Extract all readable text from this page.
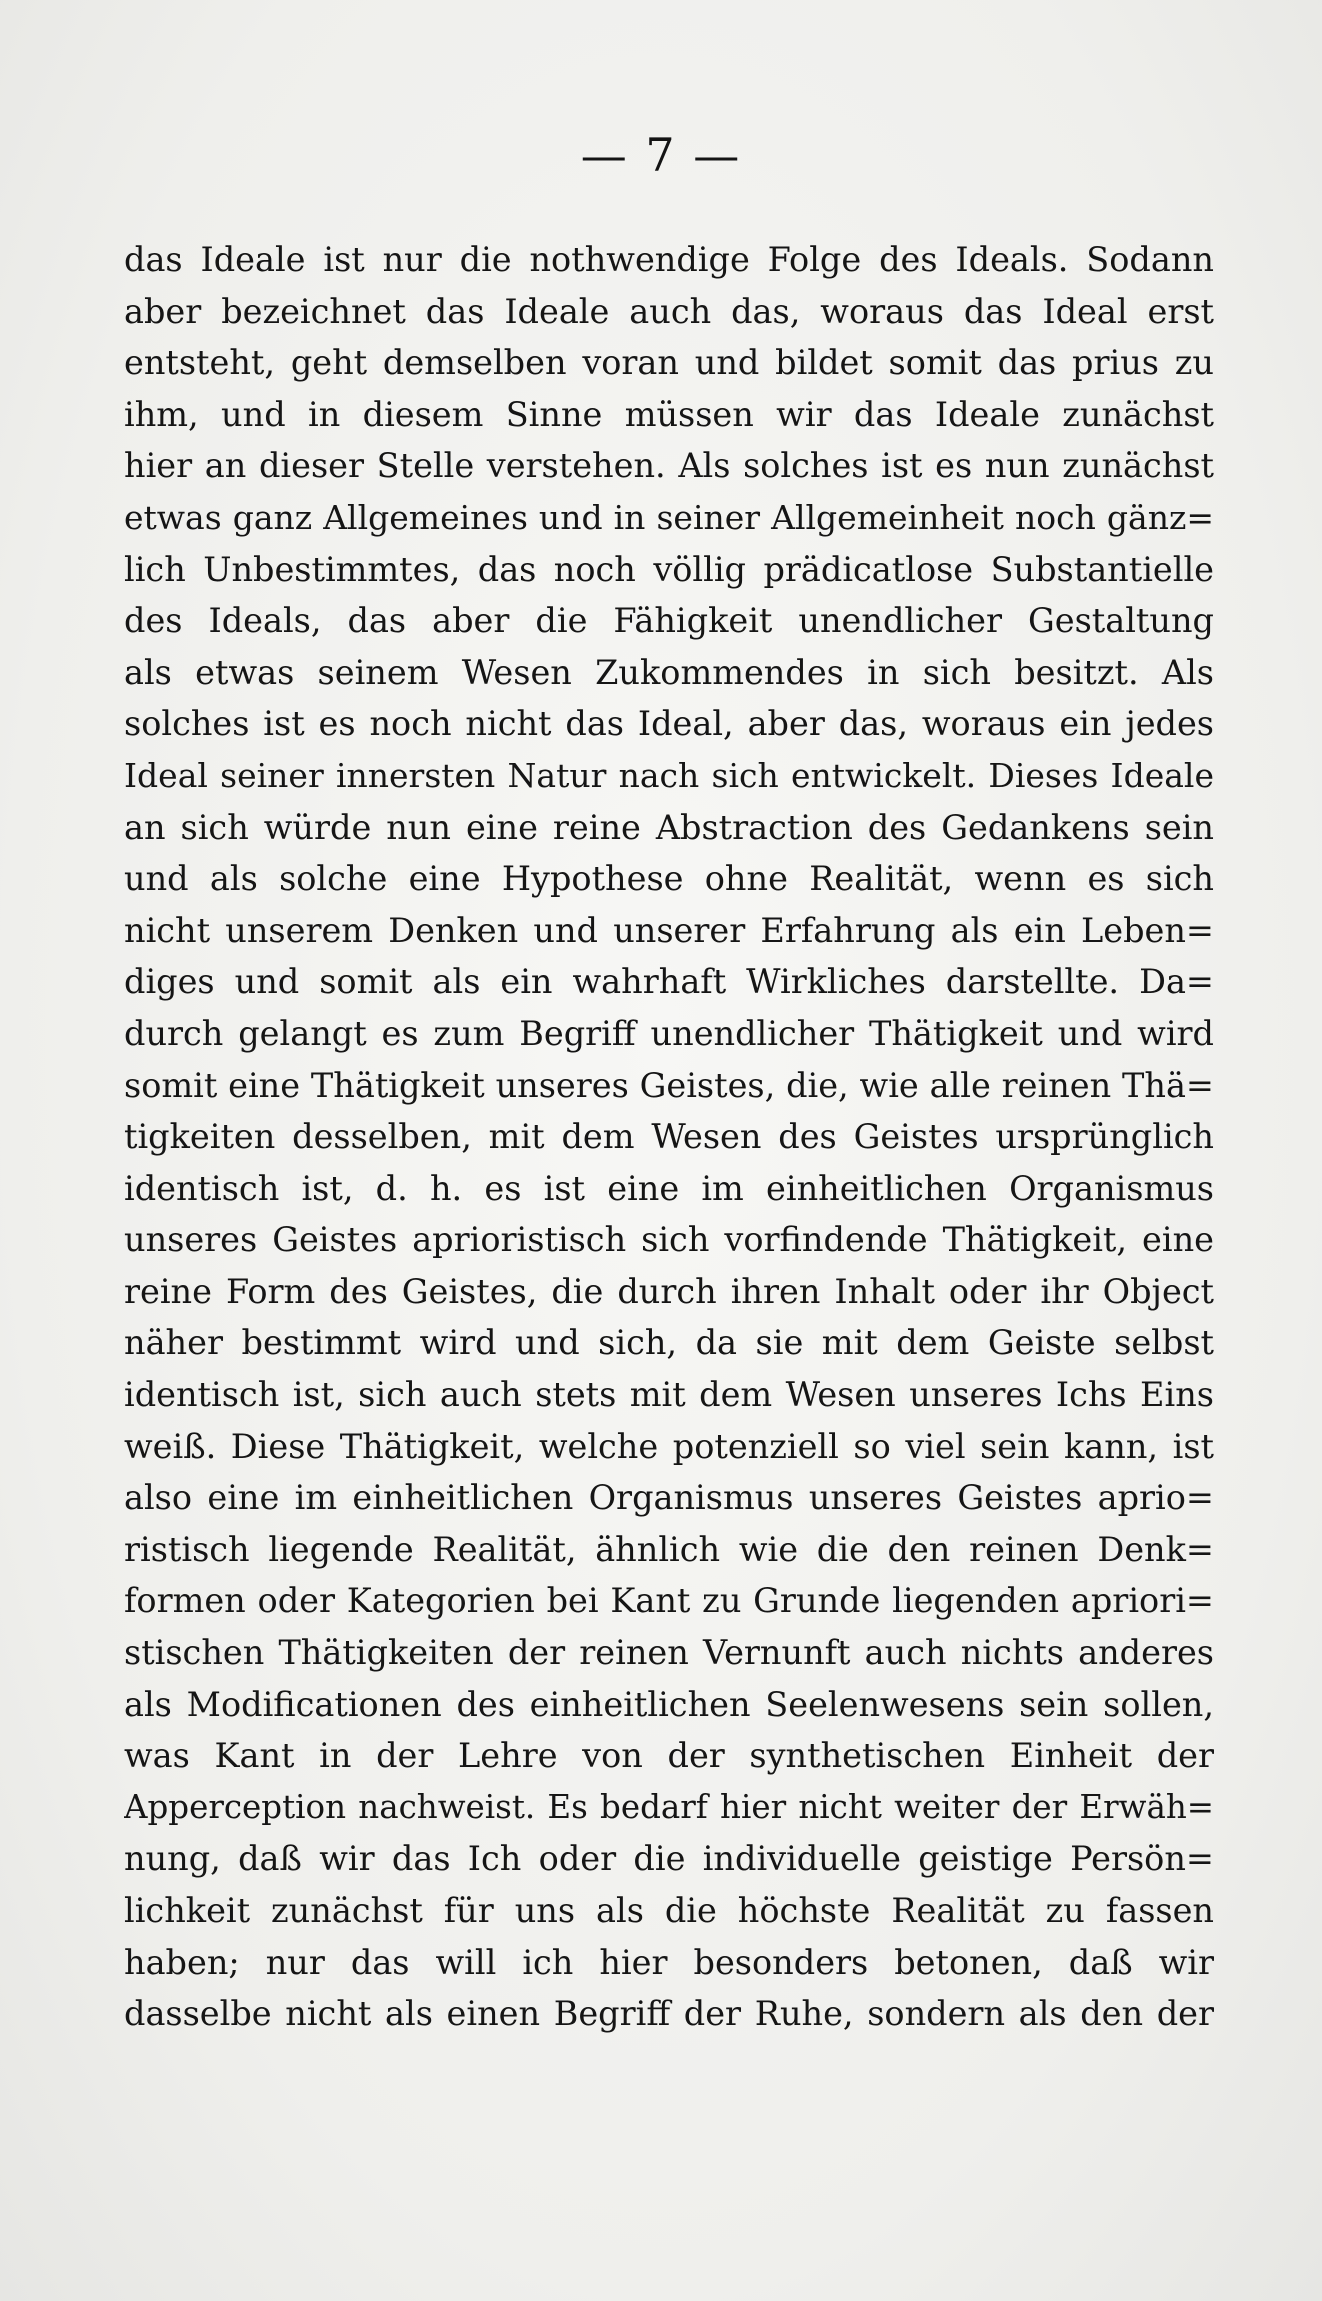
— 7 —
das Ideale ist nur die nothwendige Folge des Ideals. Sodann
aber bezeichnet das Ideale auch das, woraus das Ideal erst
entsteht, geht demselben voran und bildet somit das prius zu
ihm, und in diesem Sinne müssen wir das Ideale zunächst
hier an dieser Stelle verstehen. Als solches ist es nun zunächst
etwas ganz Allgemeines und in seiner Allgemeinheit noch gänz=
lich Unbestimmtes, das noch völlig prädicatlose Substantielle
des Ideals, das aber die Fähigkeit unendlicher Gestaltung
als etwas seinem Wesen Zukommendes in sich besitzt. Als
solches ist es noch nicht das Ideal, aber das, woraus ein jedes
Ideal seiner innersten Natur nach sich entwickelt. Dieses Ideale
an sich würde nun eine reine Abstraction des Gedankens sein
und als solche eine Hypothese ohne Realität, wenn es sich
nicht unserem Denken und unserer Erfahrung als ein Leben=
diges und somit als ein wahrhaft Wirkliches darstellte. Da=
durch gelangt es zum Begriff unendlicher Thätigkeit und wird
somit eine Thätigkeit unseres Geistes, die, wie alle reinen Thä=
tigkeiten desselben, mit dem Wesen des Geistes ursprünglich
identisch ist, d. h. es ist eine im einheitlichen Organismus
unseres Geistes aprioristisch sich vorfindende Thätigkeit, eine
reine Form des Geistes, die durch ihren Inhalt oder ihr Object
näher bestimmt wird und sich, da sie mit dem Geiste selbst
identisch ist, sich auch stets mit dem Wesen unseres Ichs Eins
weiß. Diese Thätigkeit, welche potenziell so viel sein kann, ist
also eine im einheitlichen Organismus unseres Geistes aprio=
ristisch liegende Realität, ähnlich wie die den reinen Denk=
formen oder Kategorien bei Kant zu Grunde liegenden apriori=
stischen Thätigkeiten der reinen Vernunft auch nichts anderes
als Modificationen des einheitlichen Seelenwesens sein sollen,
was Kant in der Lehre von der synthetischen Einheit der
Apperception nachweist. Es bedarf hier nicht weiter der Erwäh=
nung, daß wir das Ich oder die individuelle geistige Persön=
lichkeit zunächst für uns als die höchste Realität zu fassen
haben; nur das will ich hier besonders betonen, daß wir
dasselbe nicht als einen Begriff der Ruhe, sondern als den der
